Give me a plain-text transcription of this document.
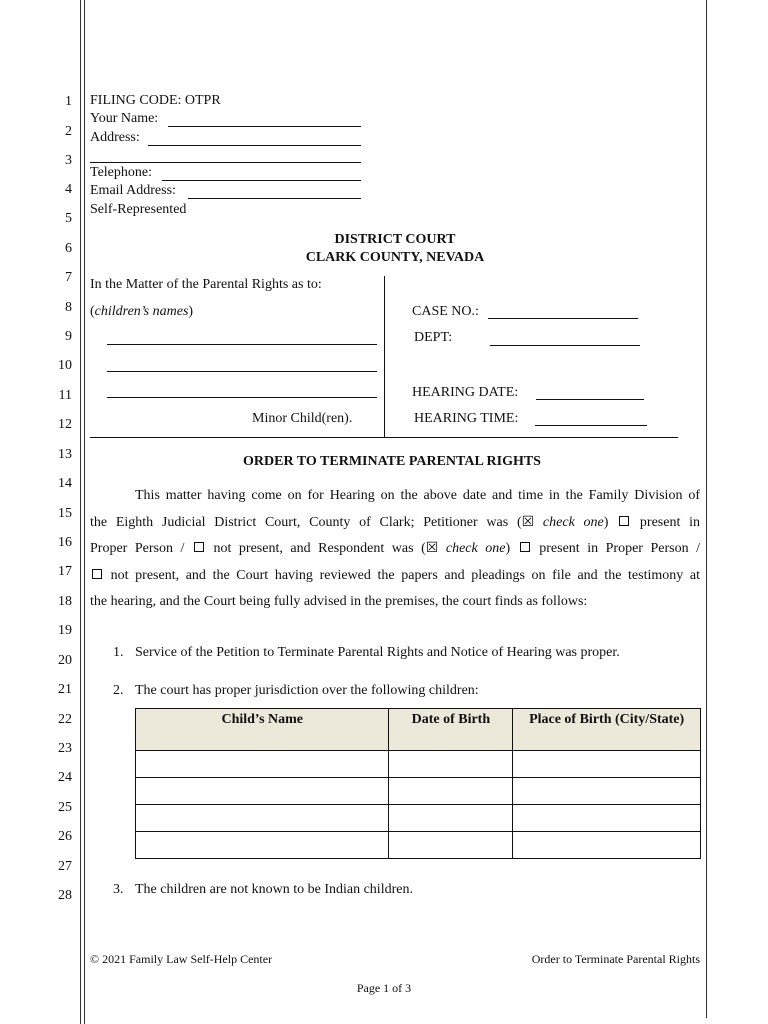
1
2
3
4
5
6
7
8
9
10
11
12
13
14
15
16
17
18
19
20
21
22
23
24
25
26
27
28
FILING CODE: OTPR
Your Name:
Address:
Telephone:
Email Address:
Self-Represented
DISTRICT COURT
CLARK COUNTY, NEVADA
In the Matter of the Parental Rights as to:
(children’s names)
Minor Child(ren).
CASE NO.:
DEPT:
HEARING DATE:
HEARING TIME:
ORDER TO TERMINATE PARENTAL RIGHTS
This matter having come on for Hearing on the above date and time in the Family Division of
the Eighth Judicial District Court, County of Clark; Petitioner was (☒ check one) present in
Proper Person / not present, and Respondent was (☒ check one) present in Proper Person /
not present, and the Court having reviewed the papers and pleadings on file and the testimony at
the hearing, and the Court being fully advised in the premises, the court finds as follows:
1. Service of the Petition to Terminate Parental Rights and Notice of Hearing was proper.
2. The court has proper jurisdiction over the following children:
Child’s Name	Date of Birth	Place of Birth (City/State)

3. The children are not known to be Indian children.
© 2021 Family Law Self-Help Center	Order to Terminate Parental Rights
Page 1 of 3
